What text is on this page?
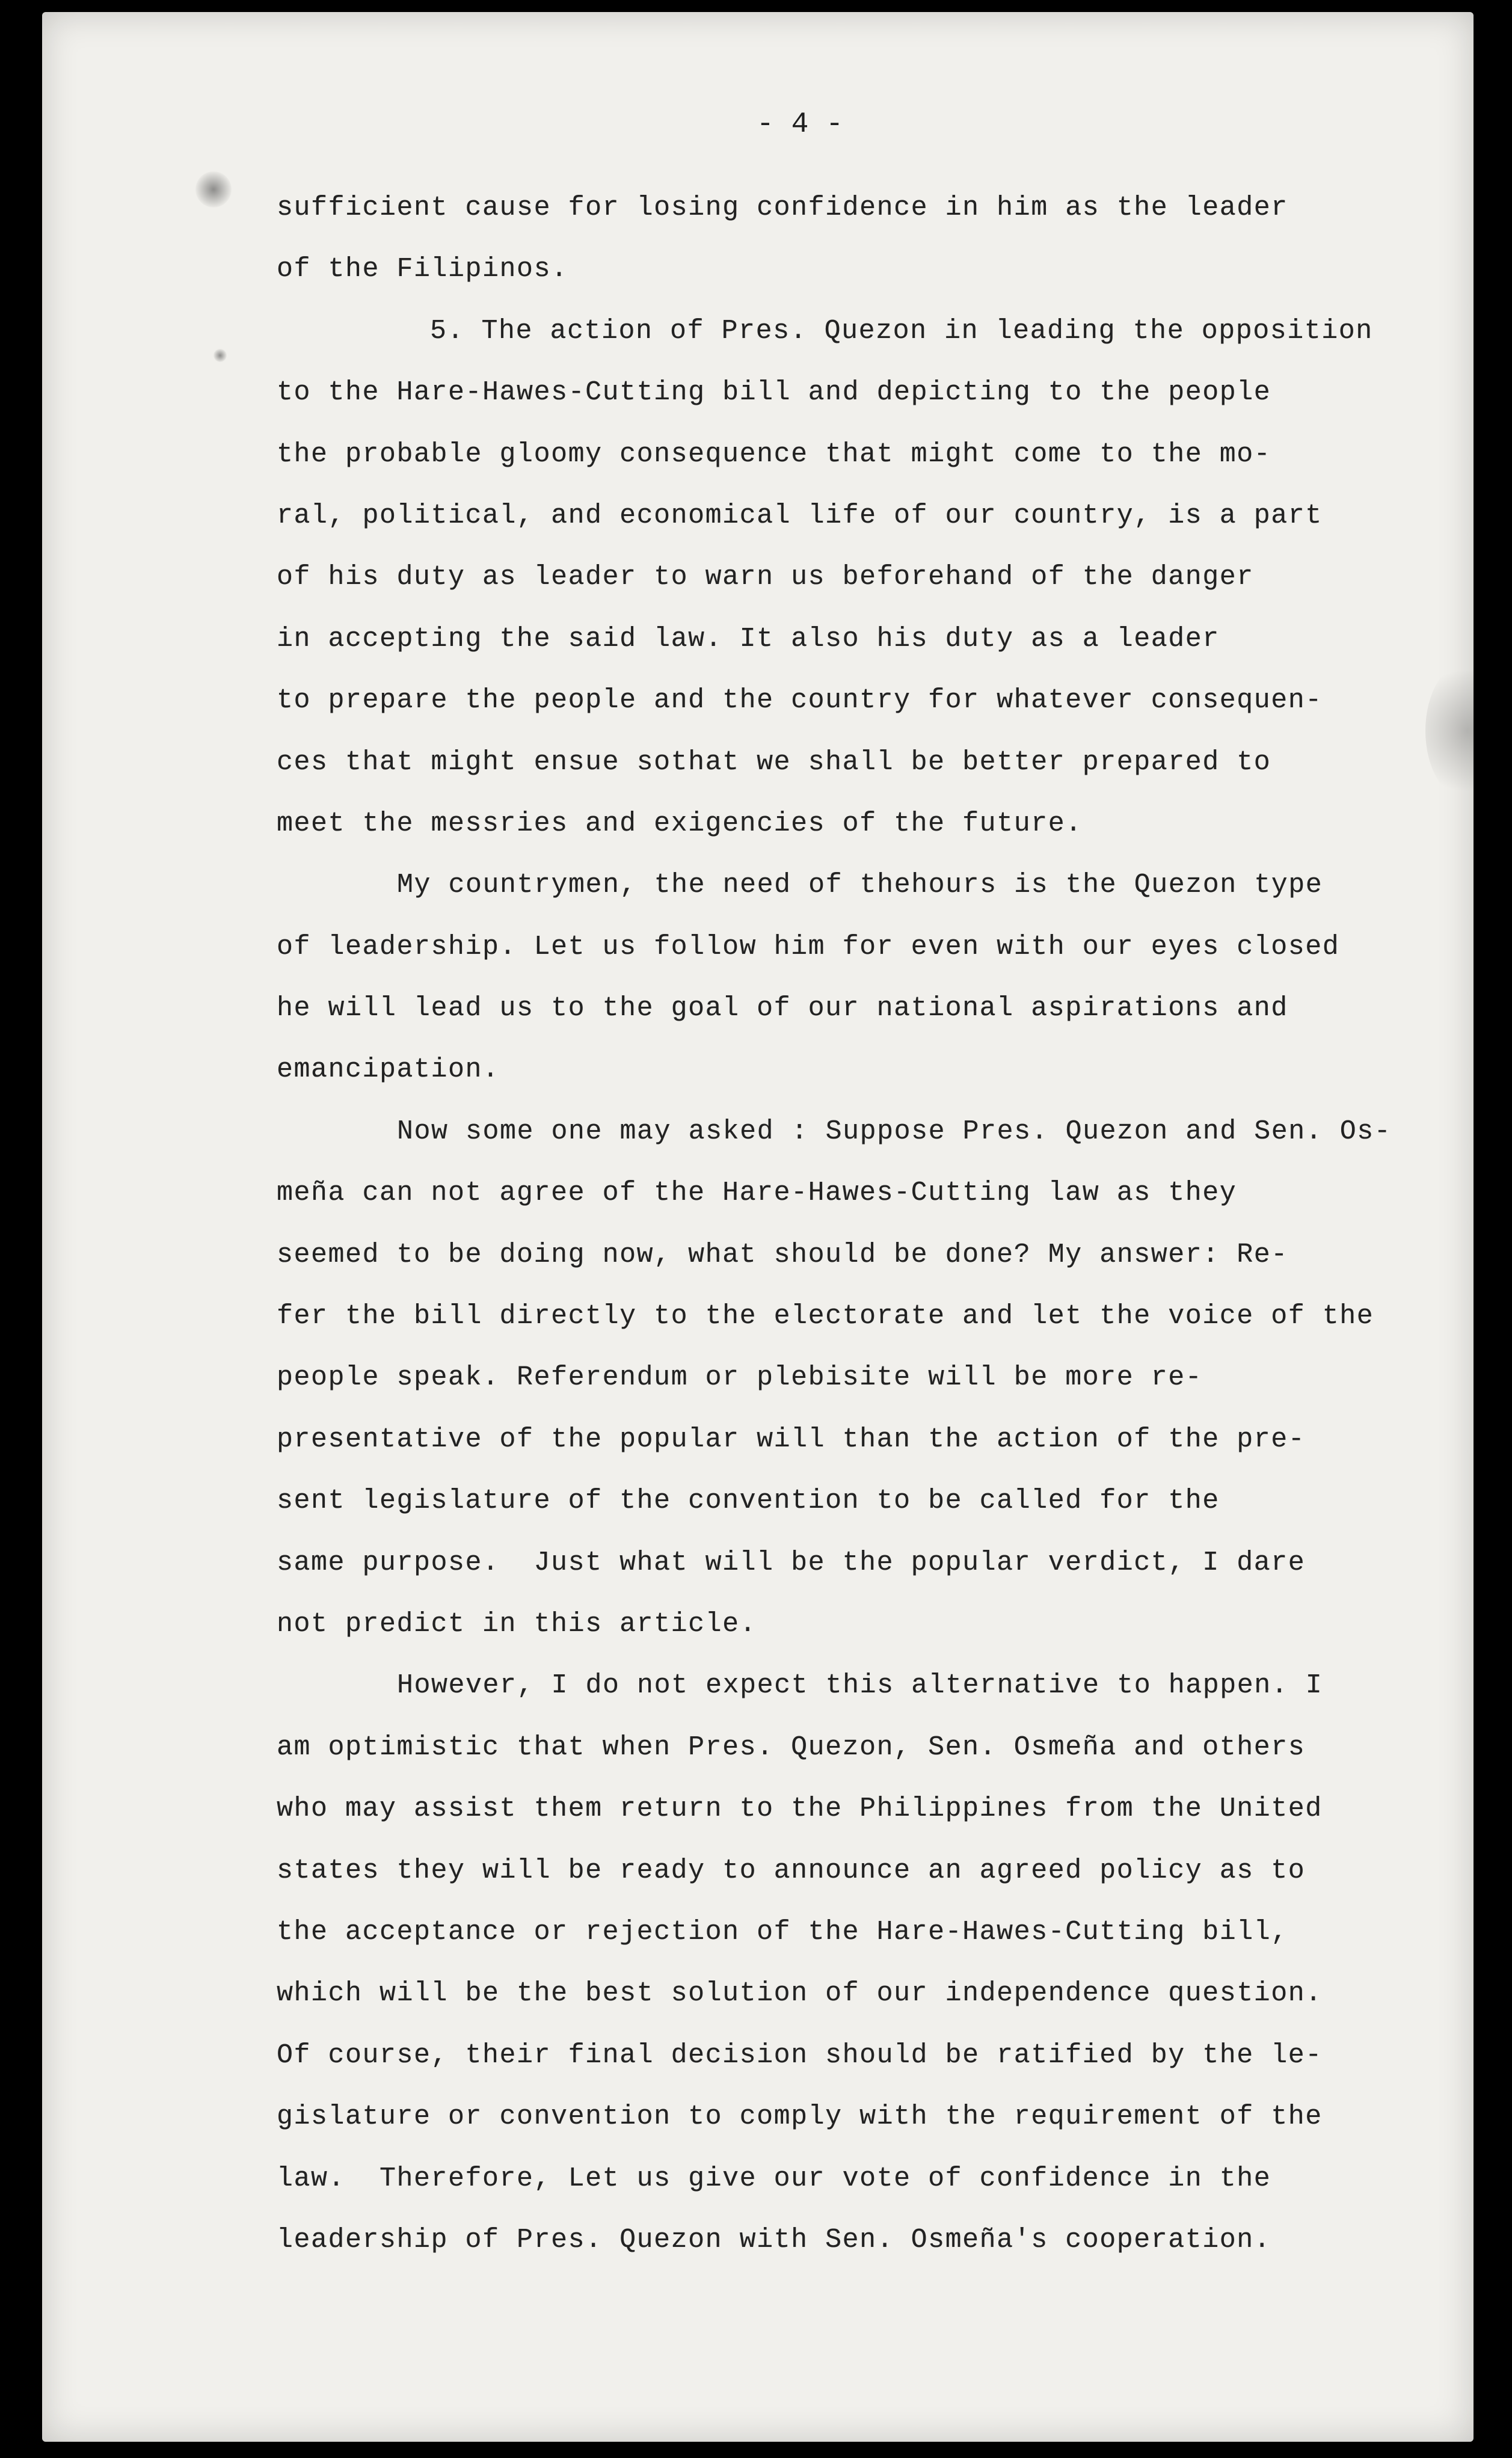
- 4 -

sufficient cause for losing confidence in him as the leader
of the Filipinos.
5. The action of Pres. Quezon in leading the opposition
to the Hare-Hawes-Cutting bill and depicting to the people
the probable gloomy consequence that might come to the mo-
ral, political, and economical life of our country, is a part
of his duty as leader to warn us beforehand of the danger
in accepting the said law. It also his duty as a leader
to prepare the people and the country for whatever consequen-
ces that might ensue sothat we shall be better prepared to
meet the messries and exigencies of the future.
My countrymen, the need of thehours is the Quezon type
of leadership. Let us follow him for even with our eyes closed
he will lead us to the goal of our national aspirations and
emancipation.
Now some one may asked : Suppose Pres. Quezon and Sen. Os-
meña can not agree of the Hare-Hawes-Cutting law as they
seemed to be doing now, what should be done? My answer: Re-
fer the bill directly to the electorate and let the voice of the
people speak. Referendum or plebisite will be more re-
presentative of the popular will than the action of the pre-
sent legislature of the convention to be called for the
same purpose.  Just what will be the popular verdict, I dare
not predict in this article.
However, I do not expect this alternative to happen. I
am optimistic that when Pres. Quezon, Sen. Osmeña and others
who may assist them return to the Philippines from the United
states they will be ready to announce an agreed policy as to
the acceptance or rejection of the Hare-Hawes-Cutting bill,
which will be the best solution of our independence question.
Of course, their final decision should be ratified by the le-
gislature or convention to comply with the requirement of the
law.  Therefore, Let us give our vote of confidence in the
leadership of Pres. Quezon with Sen. Osmeña's cooperation.
